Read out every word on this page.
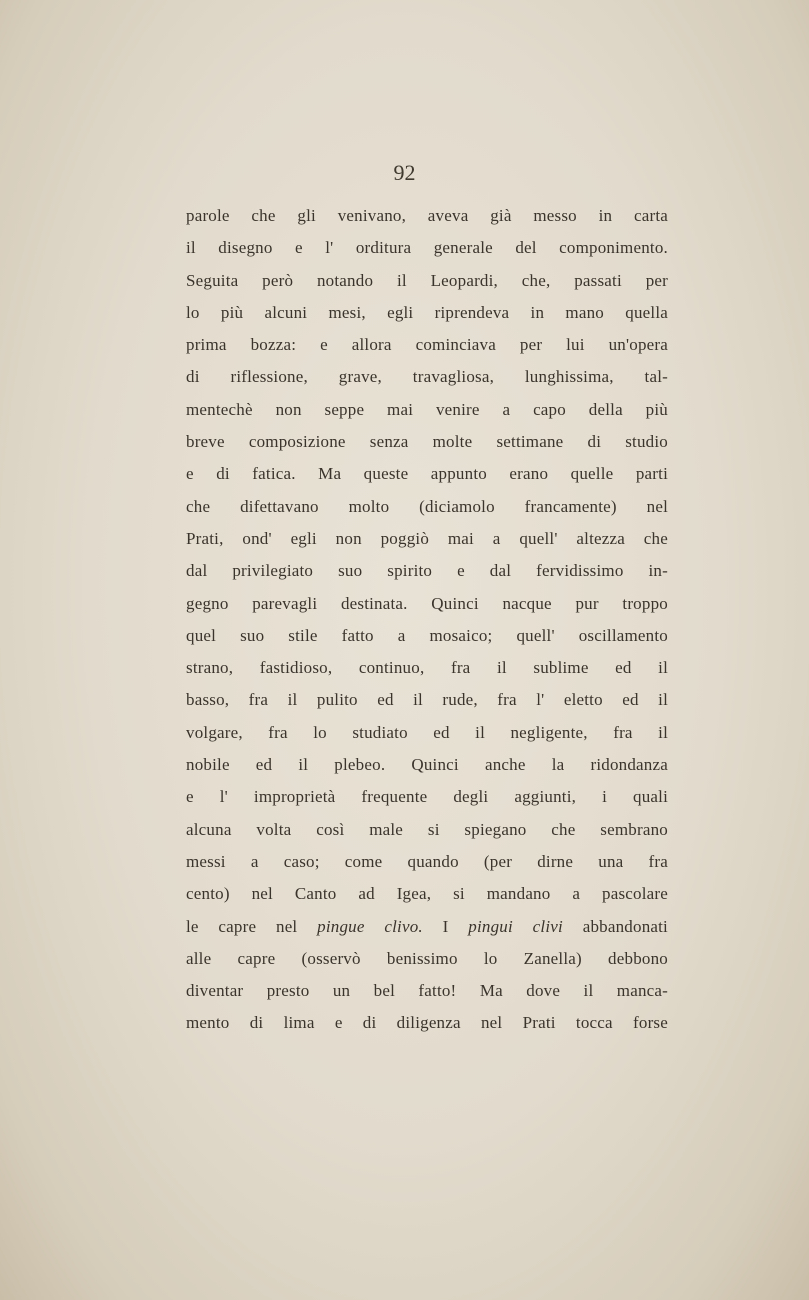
92
parole che gli venivano, aveva già messo in carta
il disegno e l' orditura generale del componimento.
Seguita però notando il Leopardi, che, passati per
lo più alcuni mesi, egli riprendeva in mano quella
prima bozza: e allora cominciava per lui un'opera
di riflessione, grave, travagliosa, lunghissima, tal-
mentechè non seppe mai venire a capo della più
breve composizione senza molte settimane di studio
e di fatica. Ma queste appunto erano quelle parti
che difettavano molto (diciamolo francamente) nel
Prati, ond' egli non poggiò mai a quell' altezza che
dal privilegiato suo spirito e dal fervidissimo in-
gegno parevagli destinata. Quinci nacque pur troppo
quel suo stile fatto a mosaico; quell' oscillamento
strano, fastidioso, continuo, fra il sublime ed il
basso, fra il pulito ed il rude, fra l' eletto ed il
volgare, fra lo studiato ed il negligente, fra il
nobile ed il plebeo. Quinci anche la ridondanza
e l' improprietà frequente degli aggiunti, i quali
alcuna volta così male si spiegano che sembrano
messi a caso; come quando (per dirne una fra
cento) nel Canto ad Igea, si mandano a pascolare
le capre nel pingue clivo. I pingui clivi abbandonati
alle capre (osservò benissimo lo Zanella) debbono
diventar presto un bel fatto! Ma dove il manca-
mento di lima e di diligenza nel Prati tocca forse
